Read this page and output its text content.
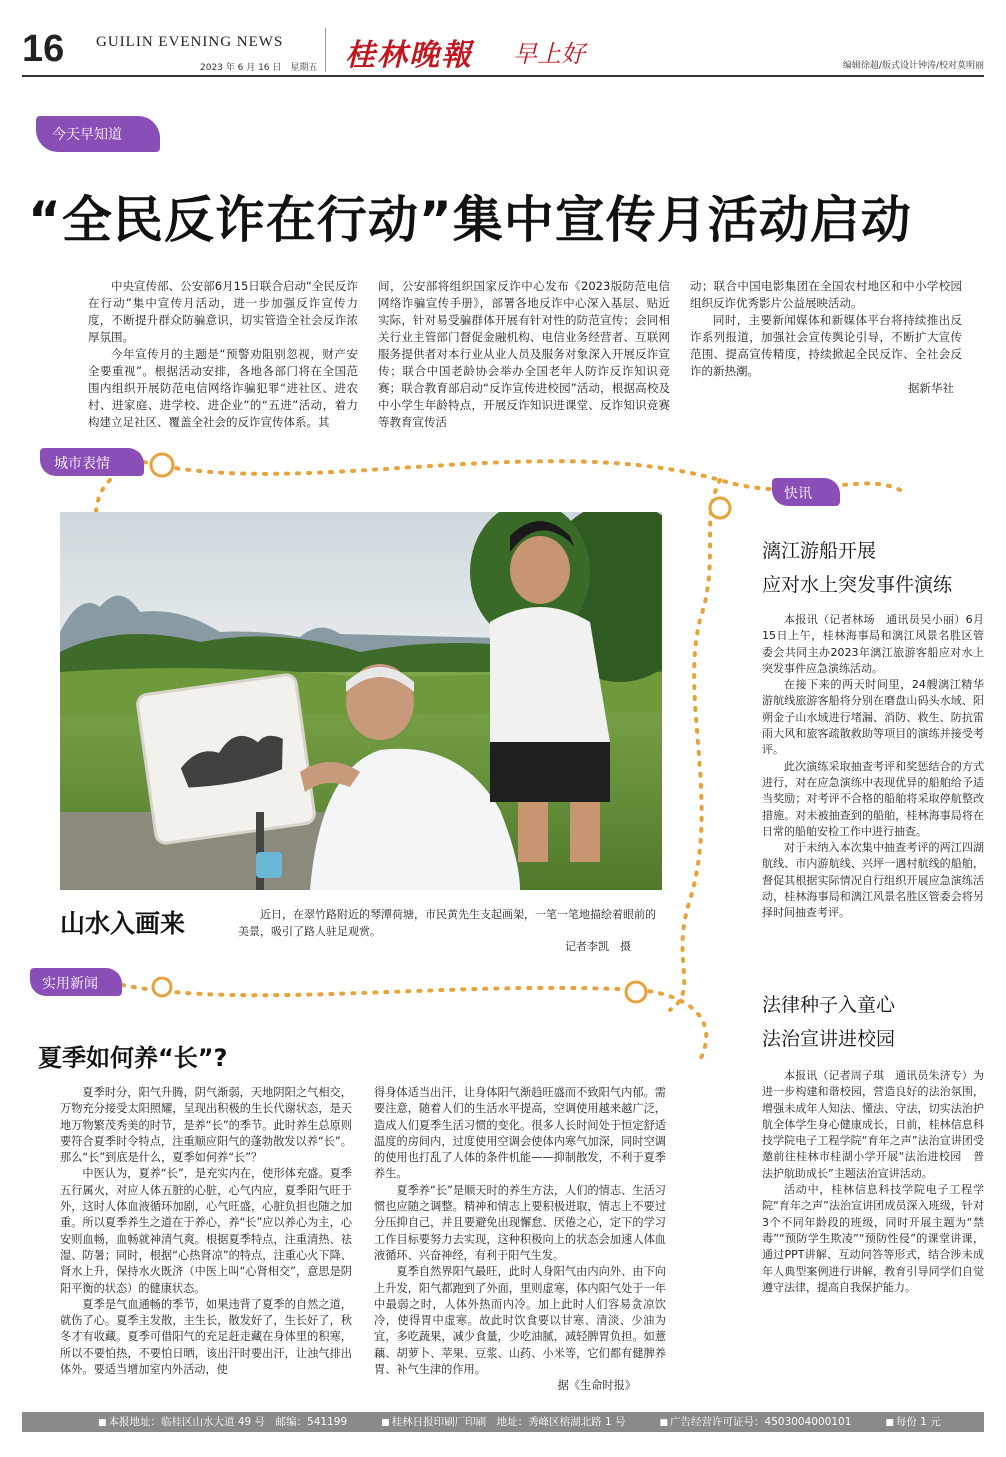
16 GUILIN EVENING NEWS
2023 年 6 月 16 日　星期五 桂林晚報 早上好	编辑徐超/版式设计钟涛/校对莫明丽
今天早知道
“全民反诈在行动”集中宣传月活动启动

中央宣传部、公安部6月15日联合启动“全民反诈在行动”集中宣传月活动，进一步加强反诈宣传力度，不断提升群众防骗意识，切实管造全社会反诈浓厚氛围。

今年宣传月的主题是“预警劝阻别忽视，财产安全要重视”。根据活动安排，各地各部门将在全国范围内组织开展防范电信网络诈骗犯罪“进社区、进农村、进家庭、进学校、进企业”的“五进”活动，着力构建立足社区、覆盖全社会的反诈宣传体系。其

间，公安部将组织国家反诈中心发布《2023版防范电信网络诈骗宣传手册》，部署各地反诈中心深入基层、贴近实际，针对易受骗群体开展有针对性的防范宣传；会同相关行业主管部门督促金融机构、电信业务经营者、互联网服务提供者对本行业从业人员及服务对象深入开展反诈宣传；联合中国老龄协会举办全国老年人防诈反诈知识竞赛；联合教育部启动“反诈宣传进校园”活动，根据高校及中小学生年龄特点，开展反诈知识进课堂、反诈知识竞赛等教育宣传活

动；联合中国电影集团在全国农村地区和中小学校园组织反诈优秀影片公益展映活动。

同时，主要新闻媒体和新媒体平台将持续推出反诈系列报道，加强社会宣传舆论引导，不断扩大宣传范围、提高宣传精度，持续掀起全民反诈、全社会反诈的新热潮。

据新华社

城市表情
快讯
山水入画来	近日，在翠竹路附近的琴潭荷塘，市民黄先生支起画架，一笔一笔地描绘着眼前的美景，吸引了路人驻足观赏。
记者李凯　摄
漓江游船开展
应对水上突发事件演练

本报讯（记者林场　通讯员吴小丽）6月15日上午，桂林海事局和漓江风景名胜区管委会共同主办2023年漓江旅游客船应对水上突发事件应急演练活动。

在接下来的两天时间里，24艘漓江精华游航线旅游客船将分别在磨盘山码头水域、阳朔金子山水域进行堵漏、消防、救生、防抗雷雨大风和旅客疏散救助等项目的演练并接受考评。

此次演练采取抽查考评和奖惩结合的方式进行，对在应急演练中表现优异的船舶给予适当奖励；对考评不合格的船舶将采取停航整改措施。对未被抽查到的船舶，桂林海事局将在日常的船舶安检工作中进行抽查。

对于未纳入本次集中抽查考评的两江四湖航线、市内游航线、兴坪一遇村航线的船舶，督促其根据实际情况自行组织开展应急演练活动，桂林海事局和漓江风景名胜区管委会将另择时间抽查考评。

法律种子入童心
法治宣讲进校园

本报讯（记者周子琪　通讯员朱济专）为进一步构建和谐校园，营造良好的法治氛围，增强未成年人知法、懂法、守法，切实法治护航全体学生身心健康成长，日前，桂林信息科技学院电子工程学院“育年之声”法治宣讲团受邀前往桂林市桂湖小学开展“法治进校园　普法护航助成长”主题法治宣讲活动。

活动中，桂林信息科技学院电子工程学院“育年之声”法治宣讲团成员深入班级，针对3个不同年龄段的班级，同时开展主题为“禁毒”“预防学生欺凌”“预防性侵”的课堂讲课，通过PPT讲解、互动问答等形式，结合涉未成年人典型案例进行讲解，教育引导同学们自觉遵守法律，提高自我保护能力。

实用新闻
夏季如何养“长”?

夏季时分，阳气升腾，阴气渐弱，天地阴阳之气相交，万物充分接受太阳照耀，呈现出积极的生长代谢状态，是天地万物繁茂秀美的时节，是养“长”的季节。此时养生总原则要符合夏季时令特点，注重顺应阳气的蓬勃散发以养“长”。那么“长”到底是什么，夏季如何养“长”？

中医认为，夏养“长”，是充实内在，使形体充盛。夏季五行属火，对应人体五脏的心脏，心气内应，夏季阳气旺于外，这时人体血液循环加剧，心气旺盛，心脏负担也随之加重。所以夏季养生之道在于养心，养“长”应以养心为主，心安则血畅，血畅就神清气爽。根据夏季特点，注重清热、祛湿、防暑；同时，根据“心热肾凉”的特点，注重心火下降、肾水上升，保持水火既济（中医上叫“心肾相交”，意思是阴阳平衡的状态）的健康状态。

夏季是气血通畅的季节，如果违背了夏季的自然之道，就伤了心。夏季主发散，主生长，散发好了，生长好了，秋冬才有收藏。夏季可借阳气的充足赶走藏在身体里的积寒，所以不要怕热，不要怕日晒，该出汗时要出汗，让浊气排出体外。要适当增加室内外活动，使

得身体适当出汗，让身体阳气渐趋旺盛而不致阳气内郁。需要注意，随着人们的生活水平提高，空调使用越来越广泛，造成人们夏季生活习惯的变化。很多人长时间处于恒定舒适温度的房间内，过度使用空调会使体内寒气加深，同时空调的使用也打乱了人体的条件机能——抑制散发，不利于夏季养生。

夏季养“长”是顺天时的养生方法，人们的情志、生活习惯也应随之调整。精神和情志上要积极进取，情志上不要过分压抑自己，并且要避免出现懈怠、厌倦之心，定下的学习工作目标要努力去实现，这种积极向上的状态会加速人体血液循环、兴奋神经，有利于阳气生发。

夏季自然界阳气最旺，此时人身阳气由内向外、由下向上升发，阳气都跑到了外面，里则虚寒，体内阳气处于一年中最弱之时，人体外热而内冷。加上此时人们容易贪凉饮冷，使得胃中虚寒。故此时饮食要以甘寒、清淡、少油为宜，多吃蔬果，减少食量，少吃油腻，减轻脾胃负担。如薏藕、胡萝卜、苹果、豆浆、山药、小米等，它们都有健脾养胃、补气生津的作用。

据《生命时报》

■ 本报地址：临桂区山水大道 49 号　邮编：541199	■ 桂林日报印刷厂印刷　地址：秀峰区榕湖北路 1 号	■ 广告经营许可证号：4503004000101	■ 每份 1 元
